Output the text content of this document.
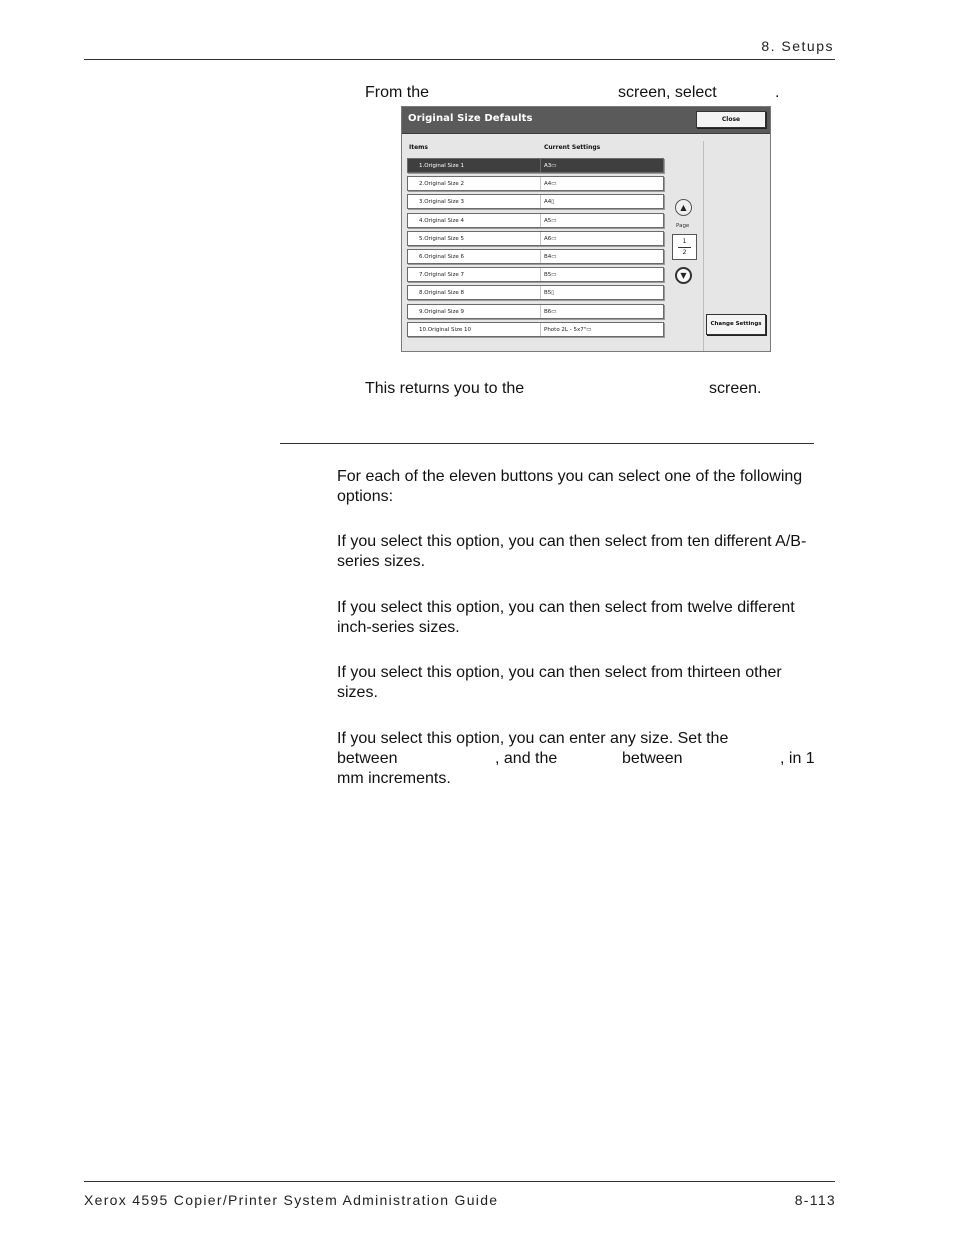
8. Setups
From the	screen, select	.
Original Size Defaults	Close
Items	Current Settings
1.Original Size 1	A3▭
2.Original Size 2	A4▭
3.Original Size 3	A4▯
4.Original Size 4	A5▭
5.Original Size 5	A6▭
6.Original Size 6	B4▭
7.Original Size 7	B5▭
8.Original Size 8	B5▯
9.Original Size 9	B6▭
10.Original Size 10	Photo 2L - 5x7"▭
▲
Page
1
2
▼
Change Settings
This returns you to the	screen.
For each of the eleven buttons you can select one of the following
options:
If you select this option, you can then select from ten different A/B-
series sizes.
If you select this option, you can then select from twelve different
inch-series sizes.
If you select this option, you can then select from thirteen other
sizes.
If you select this option, you can enter any size. Set the
between	, and the	between	, in 1
mm increments.
Xerox 4595 Copier/Printer System Administration Guide	8-113
